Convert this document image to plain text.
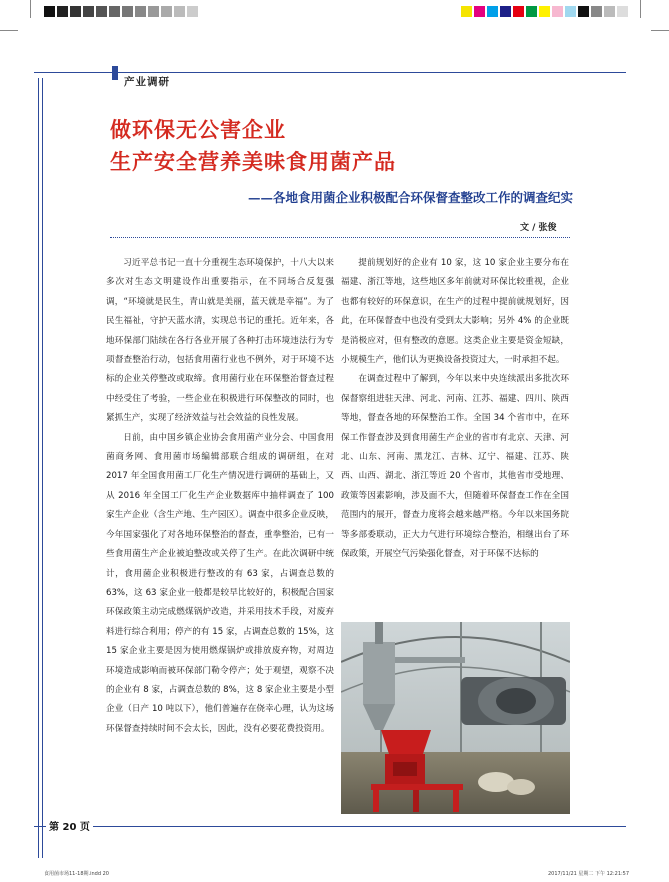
产业调研
做环保无公害企业
生产安全营养美味食用菌产品
——各地食用菌企业积极配合环保督查整改工作的调查纪实
文 / 张俊

习近平总书记一直十分重视生态环境保护，十八大以来多次对生态文明建设作出重要指示，在不同场合反复强调，“环境就是民生，青山就是美丽，蓝天就是幸福”。为了民生福祉，守护天蓝水清，实现总书记的重托。近年来，各地环保部门陆续在各行各业开展了各种打击环境违法行为专项督查整治行动，包括食用菌行业也不例外，对于环境不达标的企业关停整改或取缔。食用菌行业在环保整治督查过程中经受住了考验，一些企业在积极进行环保整改的同时，也紧抓生产，实现了经济效益与社会效益的良性发展。

日前，由中国乡镇企业协会食用菌产业分会、中国食用菌商务网、食用菌市场编辑部联合组成的调研组，在对 2017 年全国食用菌工厂化生产情况进行调研的基础上，又从 2016 年全国工厂化生产企业数据库中抽样调查了 100 家生产企业（含生产地、生产园区）。调查中很多企业反映，今年国家强化了对各地环保整治的督查，重拳整治，已有一些食用菌生产企业被迫整改或关停了生产。在此次调研中统计，食用菌企业积极进行整改的有 63 家，占调查总数的 63%，这 63 家企业一般都是较早比较好的，积极配合国家环保政策主动完成燃煤锅炉改造，并采用技术手段，对废弃料进行综合利用；停产的有 15 家，占调查总数的 15%，这 15 家企业主要是因为使用燃煤锅炉或排放废弃物，对周边环境造成影响而被环保部门勒令停产；处于观望，观察不决的企业有 8 家，占调查总数的 8%，这 8 家企业主要是小型企业（日产 10 吨以下），他们普遍存在侥幸心理，认为这场环保督查持续时间不会太长，因此，没有必要花费投资用。

提前规划好的企业有 10 家，这 10 家企业主要分布在福建、浙江等地，这些地区多年前就对环保比较重视，企业也都有较好的环保意识，在生产的过程中提前就规划好，因此，在环保督查中也没有受到太大影响；另外 4% 的企业既是消极应对，但有整改的意愿。这类企业主要是资金短缺，小规模生产，他们认为更换设备投资过大，一时承担不起。

在调查过程中了解到，今年以来中央连续派出多批次环保督察组进驻天津、河北、河南、江苏、福建、四川、陕西等地，督查各地的环保整治工作。全国 34 个省市中，在环保工作督查涉及到食用菌生产企业的省市有北京、天津、河北、山东、河南、黑龙江、吉林、辽宁、福建、江苏、陕西、山西、湖北、浙江等近 20 个省市，其他省市受地理、政策等因素影响，涉及面不大，但随着环保督查工作在全国范围内的展开，督查力度将会越来越严格。今年以来国务院等多部委联动，正大力气进行环境综合整治，相继出台了环保政策，开展空气污染强化督查，对于环保不达标的

第 20 页
食用菌市场11-18期.indd 20	2017/11/21 星期二 下午 12:21:57
